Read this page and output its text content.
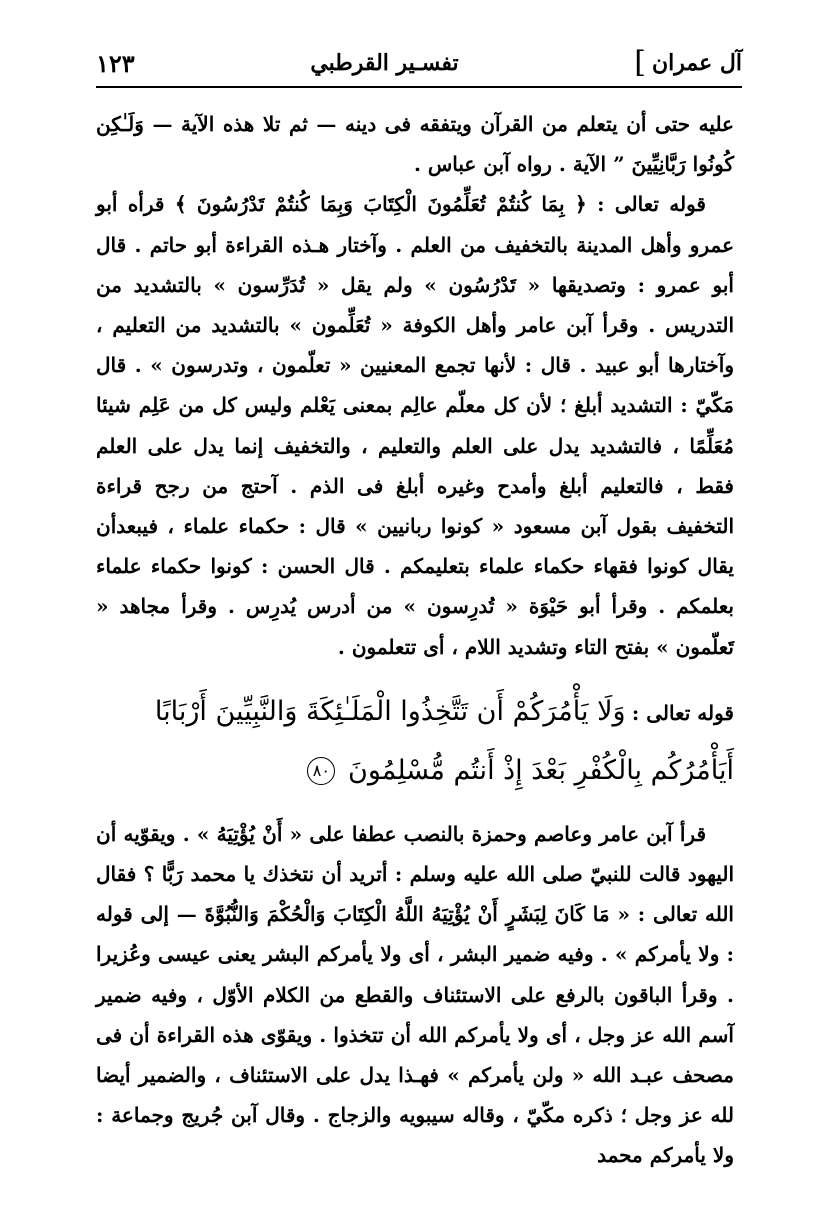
آل عمران
]
تفسـير القرطبي
١٢٣

عليه حتى أن يتعلم من القرآن ويتفقه فى دينه — ثم تلا هذه الآية — وَلَـٰكِن كُونُوا رَبَّانِيِّينَ ” الآية . رواه آبن عباس .

قوله تعالى : ﴿ بِمَا كُنتُمْ تُعَلِّمُونَ الْكِتَابَ وَبِمَا كُنتُمْ تَدْرُسُونَ ﴾ قرأه أبو عمرو وأهل المدينة بالتخفيف من العلم . وآختار هـذه القراءة أبو حاتم . قال أبو عمرو : وتصديقها « تَدْرُسُون » ولم يقل « تُدَرِّسون » بالتشديد من التدريس . وقرأ آبن عامر وأهل الكوفة « تُعَلِّمون » بالتشديد من التعليم ، وآختارها أبو عبيد . قال : لأنها تجمع المعنيين « تعلّمون ، وتدرسون » . قال مَكّيّ : التشديد أبلغ ؛ لأن كل معلّم عالِم بمعنى يَعْلم وليس كل من عَلِم شيئا مُعَلِّمًا ، فالتشديد يدل على العلم والتعليم ، والتخفيف إنما يدل على العلم فقط ، فالتعليم أبلغ وأمدح وغيره أبلغ فى الذم . آحتج من رجح قراءة التخفيف بقول آبن مسعود « كونوا ربانيين » قال : حكماء علماء ، فيبعدأن يقال كونوا فقهاء حكماء علماء بتعليمكم . قال الحسن : كونوا حكماء علماء بعلمكم . وقرأ أبو حَيْوَة « تُدرِسون » من أدرس يُدرِس . وقرأ مجاهد « تَعلّمون » بفتح التاء وتشديد اللام ، أى تتعلمون .

قوله تعالى : وَلَا يَأْمُرَكُمْ أَن تَتَّخِذُوا الْمَلَـٰئِكَةَ وَالنَّبِيِّينَ أَرْبَابًا
أَيَأْمُرُكُم بِالْكُفْرِ بَعْدَ إِذْ أَنتُم مُّسْلِمُونَ ٨٠

قرأ آبن عامر وعاصم وحمزة بالنصب عطفا على « أَنْ يُؤْتِيَهُ » . ويقوّيه أن اليهود قالت للنبيّ صلى الله عليه وسلم : أتريد أن نتخذك يا محمد رَبًّا ؟ فقال الله تعالى : « مَا كَانَ لِبَشَرٍ أَنْ يُؤْتِيَهُ اللَّهُ الْكِتَابَ وَالْحُكْمَ وَالنُّبُوَّةَ — إلى قوله : ولا يأمركم » . وفيه ضمير البشر ، أى ولا يأمركم البشر يعنى عيسى وعُزيرا . وقرأ الباقون بالرفع على الاستئناف والقطع من الكلام الأوّل ، وفيه ضمير آسم الله عز وجل ، أى ولا يأمركم الله أن تتخذوا . ويقوّى هذه القراءة أن فى مصحف عبـد الله « ولن يأمركم » فهـذا يدل على الاستئناف ، والضمير أيضا لله عز وجل ؛ ذكره مكّيّ ، وقاله سيبويه والزجاج . وقال آبن جُريج وجماعة : ولا يأمركم محمد
